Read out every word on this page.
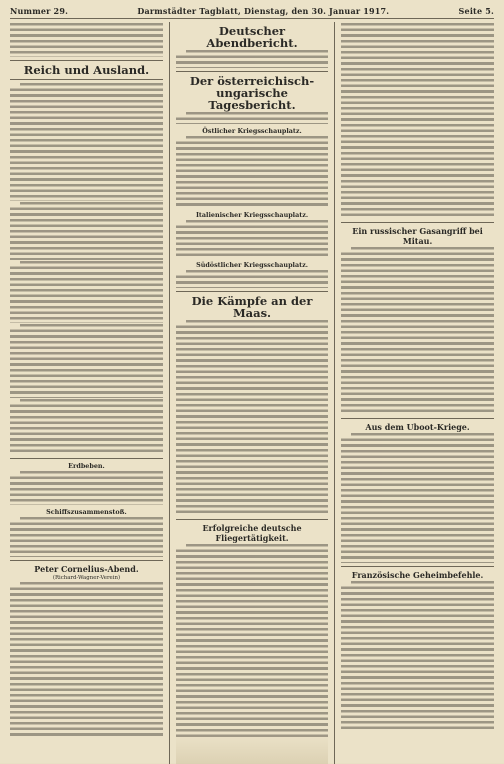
Nummer 29.	Darmstädter Tagblatt, Dienstag, den 30. Januar 1917.	Seite 5.
Reich und Ausland.
Erdbeben.
Schiffszusammenstoß.
Peter Cornelius-Abend.
(Richard-Wagner-Verein)
Deutscher Abendbericht.
Der österreichisch-ungarische Tagesbericht.
Östlicher Kriegsschauplatz.
Italienischer Kriegsschauplatz.
Südöstlicher Kriegsschauplatz.
Die Kämpfe an der Maas.
Erfolgreiche deutsche Fliegertätigkeit.
Ein russischer Gasangriff bei Mitau.
Aus dem Uboot-Kriege.
Französische Geheimbefehle.
